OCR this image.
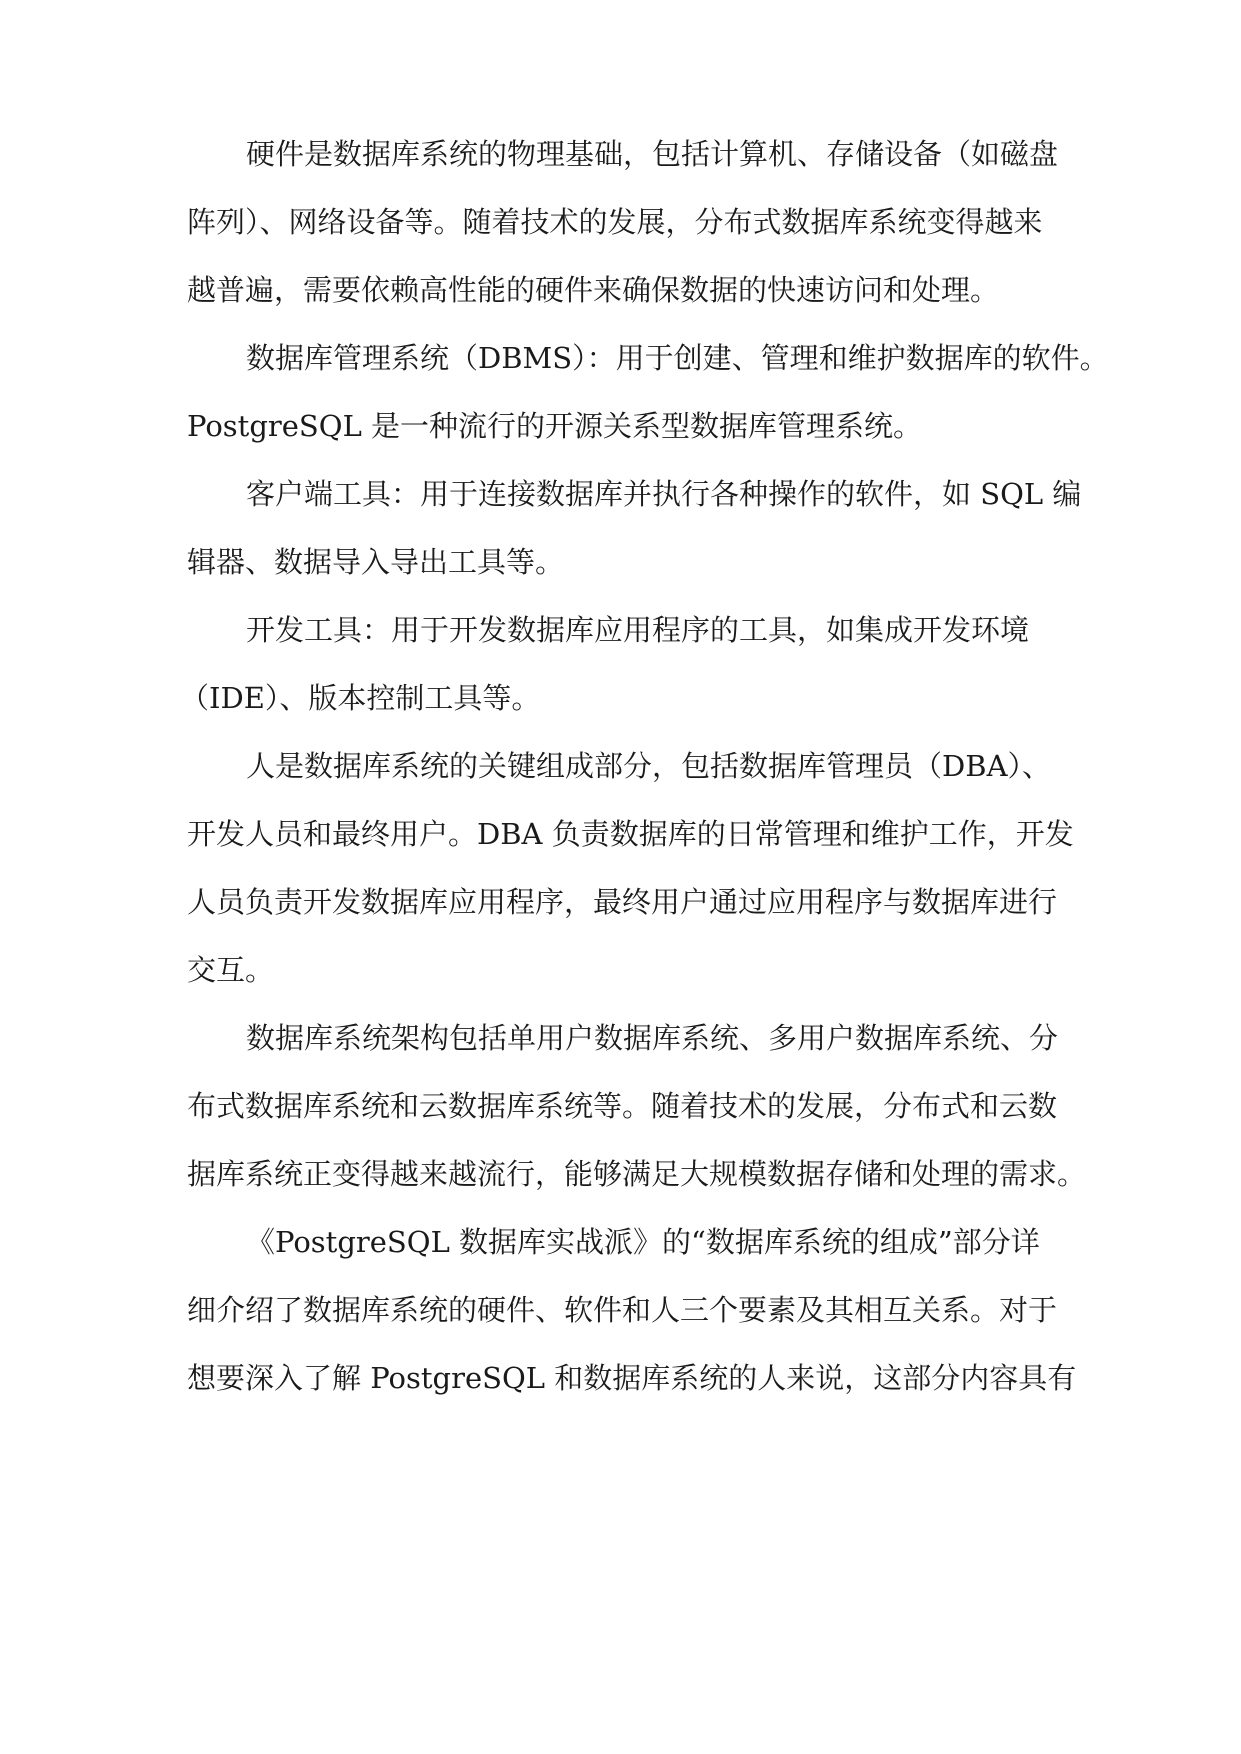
硬件是数据库系统的物理基础，包括计算机、存储设备（如磁盘
阵列）、网络设备等。随着技术的发展，分布式数据库系统变得越来
越普遍，需要依赖高性能的硬件来确保数据的快速访问和处理。
数据库管理系统（DBMS）：用于创建、管理和维护数据库的软件。
PostgreSQL 是一种流行的开源关系型数据库管理系统。
客户端工具：用于连接数据库并执行各种操作的软件，如 SQL 编
辑器、数据导入导出工具等。
开发工具：用于开发数据库应用程序的工具，如集成开发环境
（IDE）、版本控制工具等。
人是数据库系统的关键组成部分，包括数据库管理员（DBA）、
开发人员和最终用户。DBA 负责数据库的日常管理和维护工作，开发
人员负责开发数据库应用程序，最终用户通过应用程序与数据库进行
交互。
数据库系统架构包括单用户数据库系统、多用户数据库系统、分
布式数据库系统和云数据库系统等。随着技术的发展，分布式和云数
据库系统正变得越来越流行，能够满足大规模数据存储和处理的需求。
《PostgreSQL 数据库实战派》的“数据库系统的组成”部分详
细介绍了数据库系统的硬件、软件和人三个要素及其相互关系。对于
想要深入了解 PostgreSQL 和数据库系统的人来说，这部分内容具有
